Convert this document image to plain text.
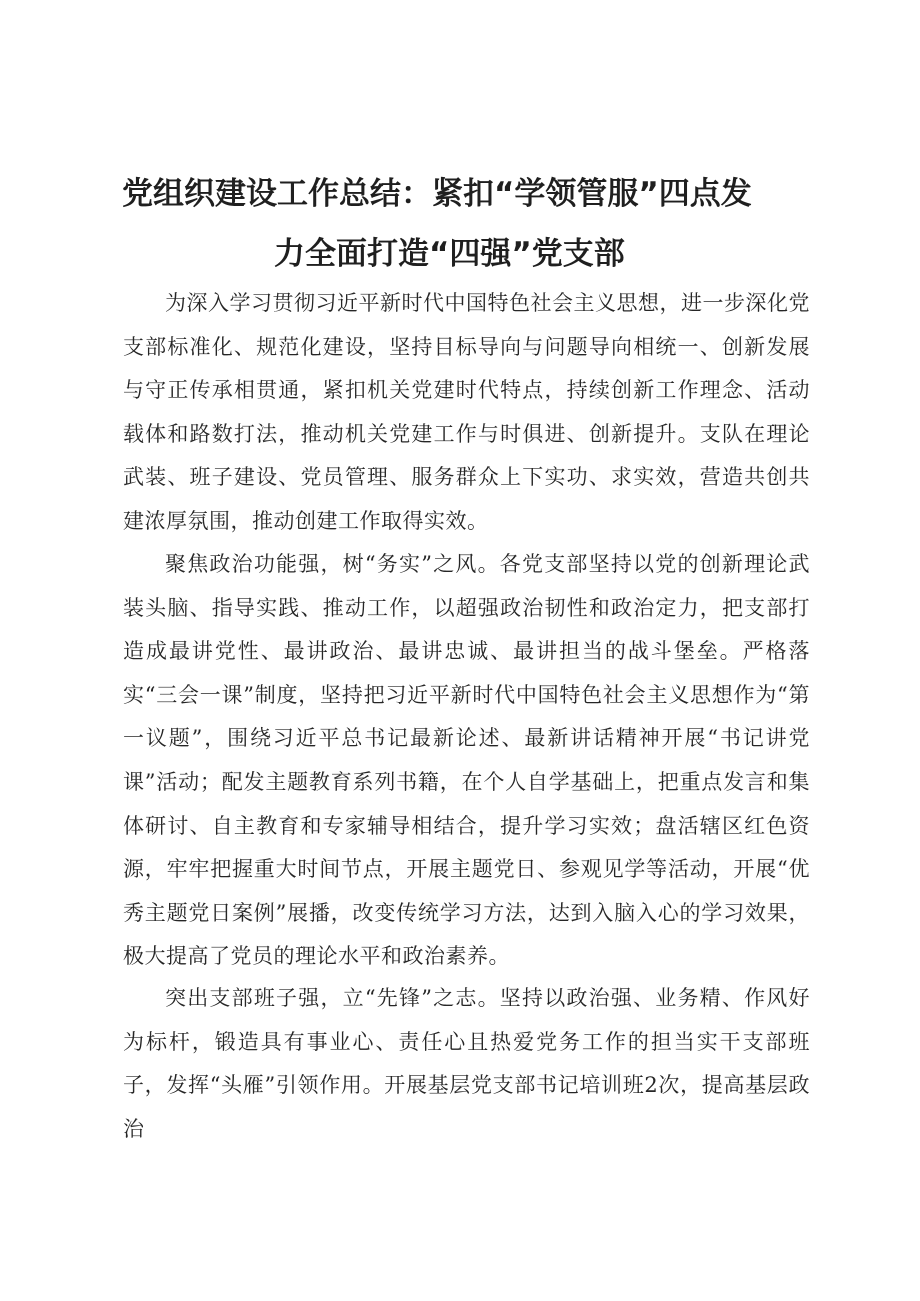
党组织建设工作总结：紧扣“学领管服”四点发
力全面打造“四强”党支部

为深入学习贯彻习近平新时代中国特色社会主义思想，进一步深化党支部标准化、规范化建设，坚持目标导向与问题导向相统一、创新发展与守正传承相贯通，紧扣机关党建时代特点，持续创新工作理念、活动载体和路数打法，推动机关党建工作与时俱进、创新提升。支队在理论武装、班子建设、党员管理、服务群众上下实功、求实效，营造共创共建浓厚氛围，推动创建工作取得实效。

聚焦政治功能强，树“务实”之风。各党支部坚持以党的创新理论武装头脑、指导实践、推动工作，以超强政治韧性和政治定力，把支部打造成最讲党性、最讲政治、最讲忠诚、最讲担当的战斗堡垒。严格落实“三会一课”制度，坚持把习近平新时代中国特色社会主义思想作为“第一议题”，围绕习近平总书记最新论述、最新讲话精神开展“书记讲党课”活动；配发主题教育系列书籍，在个人自学基础上，把重点发言和集体研讨、自主教育和专家辅导相结合，提升学习实效；盘活辖区红色资源，牢牢把握重大时间节点，开展主题党日、参观见学等活动，开展“优秀主题党日案例”展播，改变传统学习方法，达到入脑入心的学习效果，极大提高了党员的理论水平和政治素养。

突出支部班子强，立“先锋”之志。坚持以政治强、业务精、作风好为标杆，锻造具有事业心、责任心且热爱党务工作的担当实干支部班子，发挥“头雁”引领作用。开展基层党支部书记培训班2次，提高基层政治
